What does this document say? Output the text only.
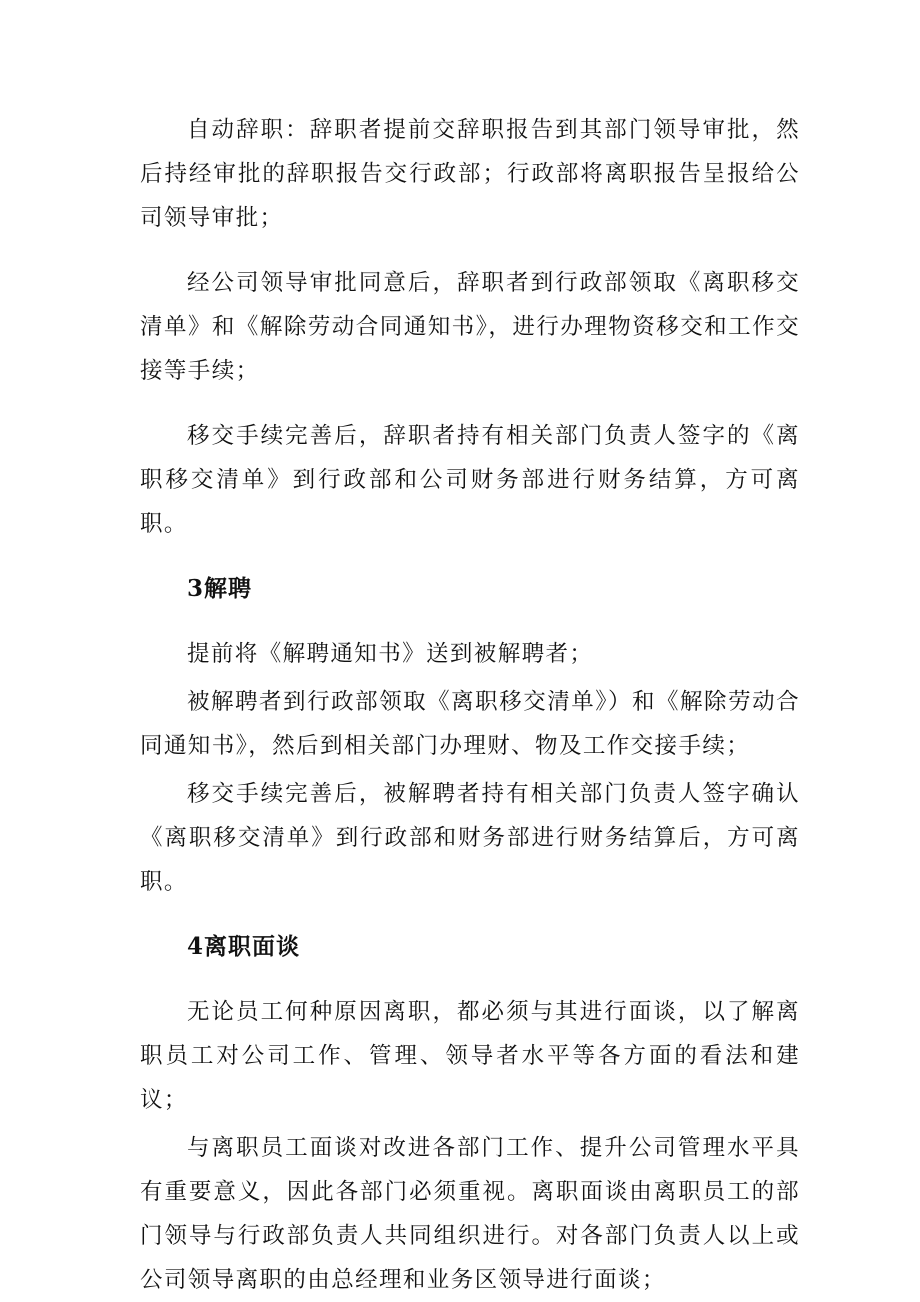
自动辞职：辞职者提前交辞职报告到其部门领导审批，然后持经审批的辞职报告交行政部；行政部将离职报告呈报给公司领导审批；

经公司领导审批同意后，辞职者到行政部领取《离职移交清单》和《解除劳动合同通知书》，进行办理物资移交和工作交接等手续；

移交手续完善后，辞职者持有相关部门负责人签字的《离职移交清单》到行政部和公司财务部进行财务结算，方可离职。

3解聘

提前将《解聘通知书》送到被解聘者；

被解聘者到行政部领取《离职移交清单》）和《解除劳动合同通知书》，然后到相关部门办理财、物及工作交接手续；

移交手续完善后，被解聘者持有相关部门负责人签字确认《离职移交清单》到行政部和财务部进行财务结算后，方可离职。

4离职面谈

无论员工何种原因离职，都必须与其进行面谈，以了解离职员工对公司工作、管理、领导者水平等各方面的看法和建议；

与离职员工面谈对改进各部门工作、提升公司管理水平具有重要意义，因此各部门必须重视。离职面谈由离职员工的部门领导与行政部负责人共同组织进行。对各部门负责人以上或公司领导离职的由总经理和业务区领导进行面谈；
